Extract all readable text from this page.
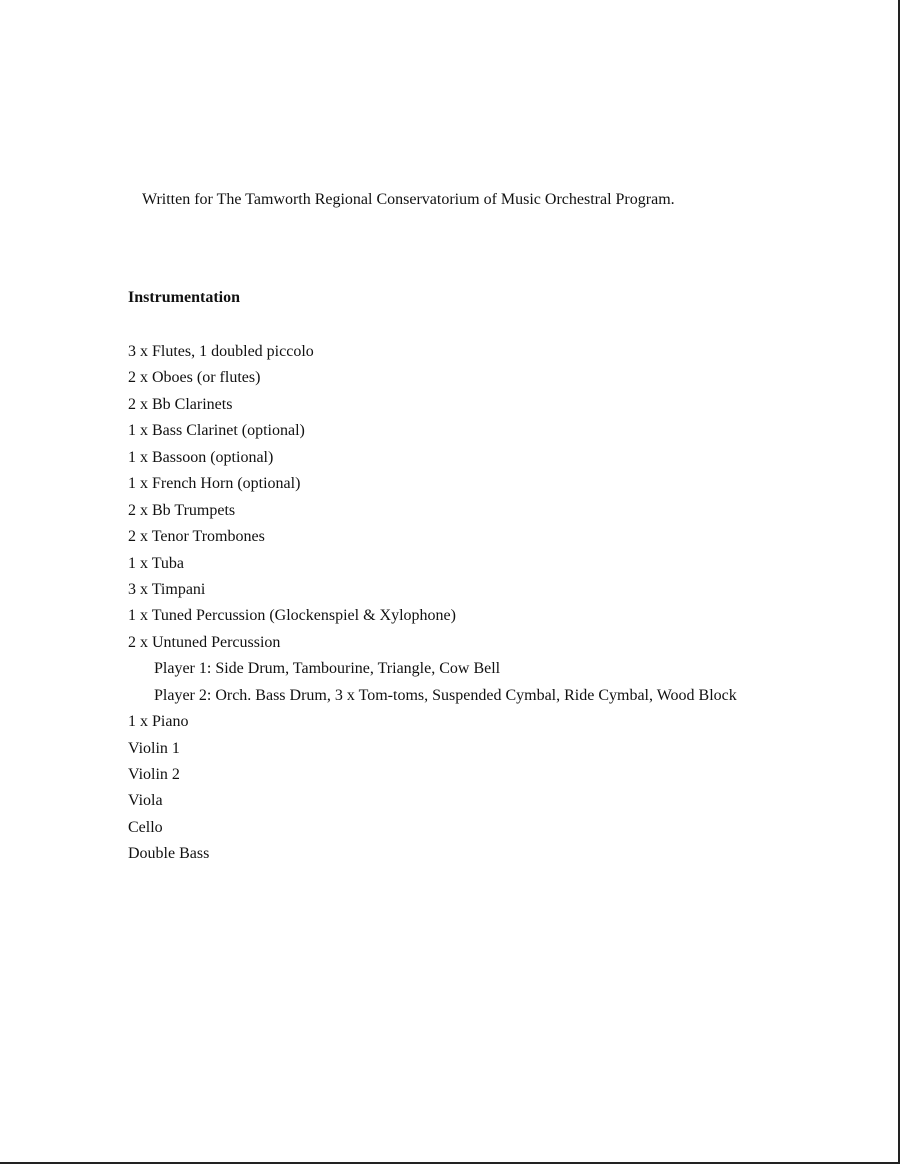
Written for The Tamworth Regional Conservatorium of Music Orchestral Program.
Instrumentation
3 x Flutes, 1 doubled piccolo
2 x Oboes (or flutes)
2 x Bb Clarinets
1 x Bass Clarinet (optional)
1 x Bassoon (optional)
1 x French Horn (optional)
2 x Bb Trumpets
2 x Tenor Trombones
1 x Tuba
3 x Timpani
1 x Tuned Percussion (Glockenspiel & Xylophone)
2 x Untuned Percussion
Player 1: Side Drum, Tambourine, Triangle, Cow Bell
Player 2: Orch. Bass Drum, 3 x Tom-toms, Suspended Cymbal, Ride Cymbal, Wood Block
1 x Piano
Violin 1
Violin 2
Viola
Cello
Double Bass
